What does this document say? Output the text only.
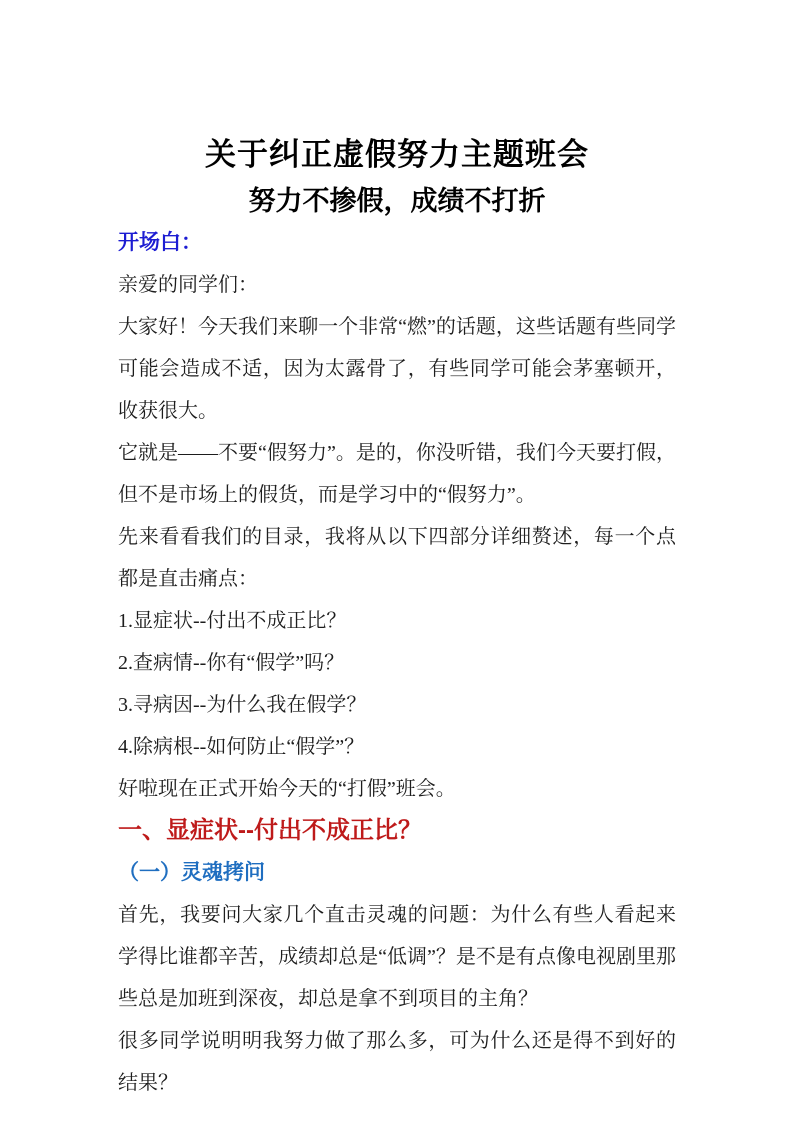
关于纠正虚假努力主题班会
努力不掺假，成绩不打折

开场白：

亲爱的同学们：

大家好！今天我们来聊一个非常“燃”的话题，这些话题有些同学可能会造成不适，因为太露骨了，有些同学可能会茅塞顿开，收获很大。

它就是——不要“假努力”。是的，你没听错，我们今天要打假，但不是市场上的假货，而是学习中的“假努力”。

先来看看我们的目录，我将从以下四部分详细赘述，每一个点都是直击痛点：

1.显症状--付出不成正比？

2.查病情--你有“假学”吗？

3.寻病因--为什么我在假学？

4.除病根--如何防止“假学”？

好啦现在正式开始今天的“打假”班会。

一、显症状--付出不成正比？
（一）灵魂拷问

首先，我要问大家几个直击灵魂的问题：为什么有些人看起来学得比谁都辛苦，成绩却总是“低调”？是不是有点像电视剧里那些总是加班到深夜，却总是拿不到项目的主角？

很多同学说明明我努力做了那么多，可为什么还是得不到好的结果？
